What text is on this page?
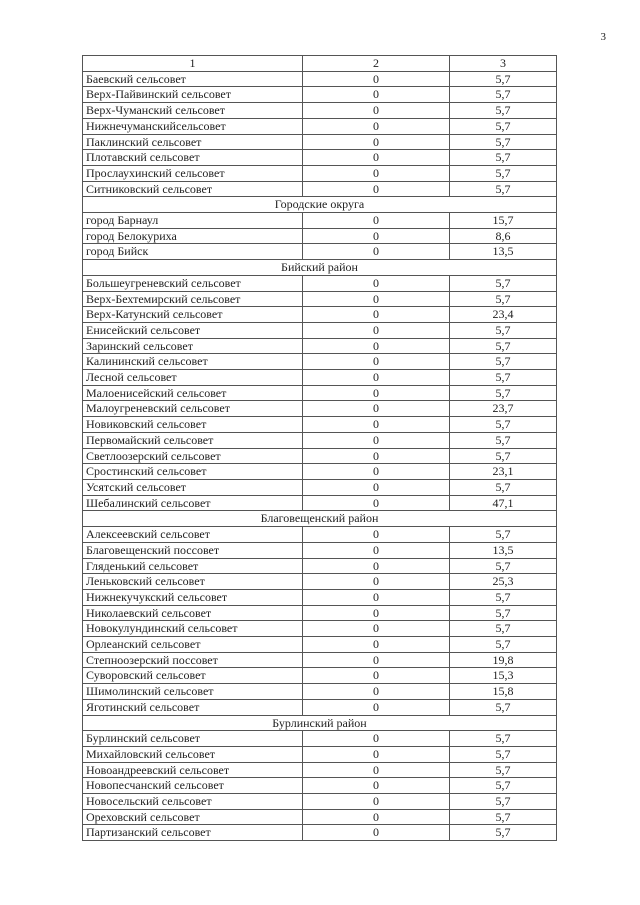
3
1	2	3
Баевский сельсовет	0	5,7
Верх-Пайвинский сельсовет	0	5,7
Верх-Чуманский сельсовет	0	5,7
Нижнечуманскийсельсовет	0	5,7
Паклинский сельсовет	0	5,7
Плотавский сельсовет	0	5,7
Прослаухинский сельсовет	0	5,7
Ситниковский сельсовет	0	5,7
Городские округа		
город Барнаул	0	15,7
город Белокуриха	0	8,6
город Бийск	0	13,5
Бийский район		
Большеугреневский сельсовет	0	5,7
Верх-Бехтемирский сельсовет	0	5,7
Верх-Катунский сельсовет	0	23,4
Енисейский сельсовет	0	5,7
Заринский сельсовет	0	5,7
Калининский сельсовет	0	5,7
Лесной сельсовет	0	5,7
Малоенисейский сельсовет	0	5,7
Малоугреневский сельсовет	0	23,7
Новиковский сельсовет	0	5,7
Первомайский сельсовет	0	5,7
Светлоозерский сельсовет	0	5,7
Сростинский сельсовет	0	23,1
Усятский сельсовет	0	5,7
Шебалинский сельсовет	0	47,1
Благовещенский район		
Алексеевский сельсовет	0	5,7
Благовещенский поссовет	0	13,5
Гляденький сельсовет	0	5,7
Леньковский сельсовет	0	25,3
Нижнекучукский сельсовет	0	5,7
Николаевский сельсовет	0	5,7
Новокулундинский сельсовет	0	5,7
Орлеанский сельсовет	0	5,7
Степноозерский поссовет	0	19,8
Суворовский сельсовет	0	15,3
Шимолинский сельсовет	0	15,8
Яготинский сельсовет	0	5,7
Бурлинский район		
Бурлинский сельсовет	0	5,7
Михайловский сельсовет	0	5,7
Новоандреевский сельсовет	0	5,7
Новопесчанский сельсовет	0	5,7
Новосельский сельсовет	0	5,7
Ореховский сельсовет	0	5,7
Партизанский сельсовет	0	5,7
